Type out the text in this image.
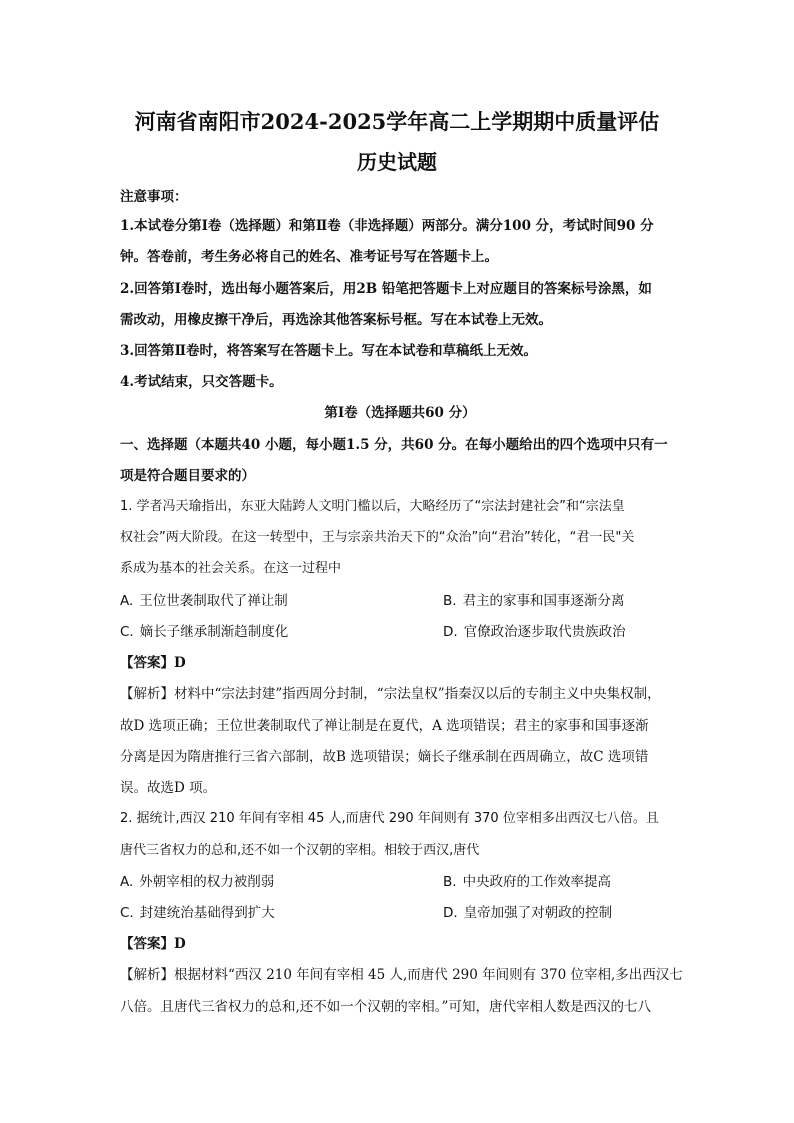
河南省南阳市2024-2025学年高二上学期期中质量评估
历史试题
注意事项：
1.本试卷分第Ⅰ卷（选择题）和第Ⅱ卷（非选择题）两部分。满分100 分，考试时间90 分
钟。答卷前，考生务必将自己的姓名、准考证号写在答题卡上。
2.回答第Ⅰ卷时，选出每小题答案后，用2B 铅笔把答题卡上对应题目的答案标号涂黑，如
需改动，用橡皮擦干净后，再选涂其他答案标号框。写在本试卷上无效。
3.回答第Ⅱ卷时，将答案写在答题卡上。写在本试卷和草稿纸上无效。
4.考试结束，只交答题卡。
第Ⅰ卷（选择题共60 分）
一、选择题（本题共40 小题，每小题1.5 分，共60 分。在每小题给出的四个选项中只有一
项是符合题目要求的）
1. 学者冯天瑜指出，东亚大陆跨人文明门槛以后，大略经历了“宗法封建社会”和“宗法皇
权社会”两大阶段。在这一转型中，王与宗亲共治天下的“众治”向“君治”转化，“君一民"关
系成为基本的社会关系。在这一过程中
A. 王位世袭制取代了禅让制	B. 君主的家事和国事逐渐分离
C. 嫡长子继承制渐趋制度化	D. 官僚政治逐步取代贵族政治
【答案】D
【解析】材料中“宗法封建”指西周分封制，“宗法皇权”指秦汉以后的专制主义中央集权制，
故D 选项正确；王位世袭制取代了禅让制是在夏代，A 选项错误；君主的家事和国事逐渐
分离是因为隋唐推行三省六部制，故B 选项错误；嫡长子继承制在西周确立，故C 选项错
误。故选D 项。
2. 据统计,西汉 210 年间有宰相 45 人,而唐代 290 年间则有 370 位宰相多出西汉七八倍。且
唐代三省权力的总和,还不如一个汉朝的宰相。相较于西汉,唐代
A. 外朝宰相的权力被削弱	B. 中央政府的工作效率提高
C. 封建统治基础得到扩大	D. 皇帝加强了对朝政的控制
【答案】D
【解析】根据材料“西汉 210 年间有宰相 45 人,而唐代 290 年间则有 370 位宰相,多出西汉七
八倍。且唐代三省权力的总和,还不如一个汉朝的宰相。”可知，唐代宰相人数是西汉的七八
